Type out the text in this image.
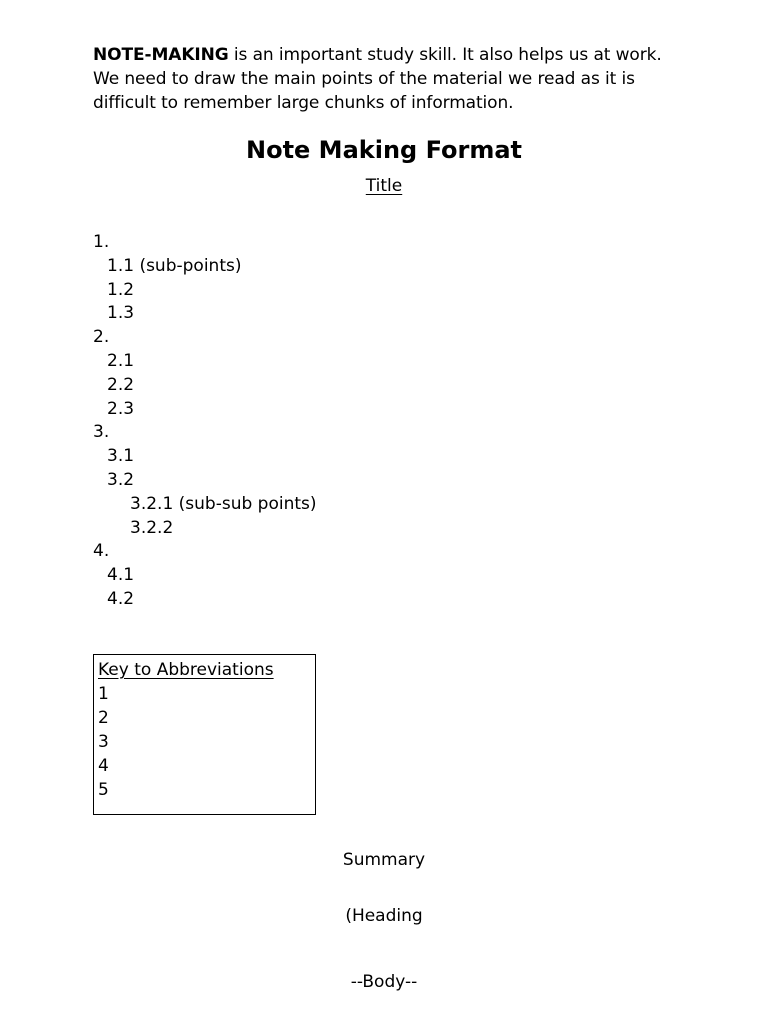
NOTE-MAKING is an important study skill. It also helps us at work. We need to draw the main points of the material we read as it is difficult to remember large chunks of information.

Note Making Format
Title
1.
1.1 (sub-points)
1.2
1.3
2.
2.1
2.2
2.3
3.
3.1
3.2
3.2.1 (sub-sub points)
3.2.2
4.
4.1
4.2
Key to Abbreviations
1
2
3
4
5
Summary
(Heading
--Body--
